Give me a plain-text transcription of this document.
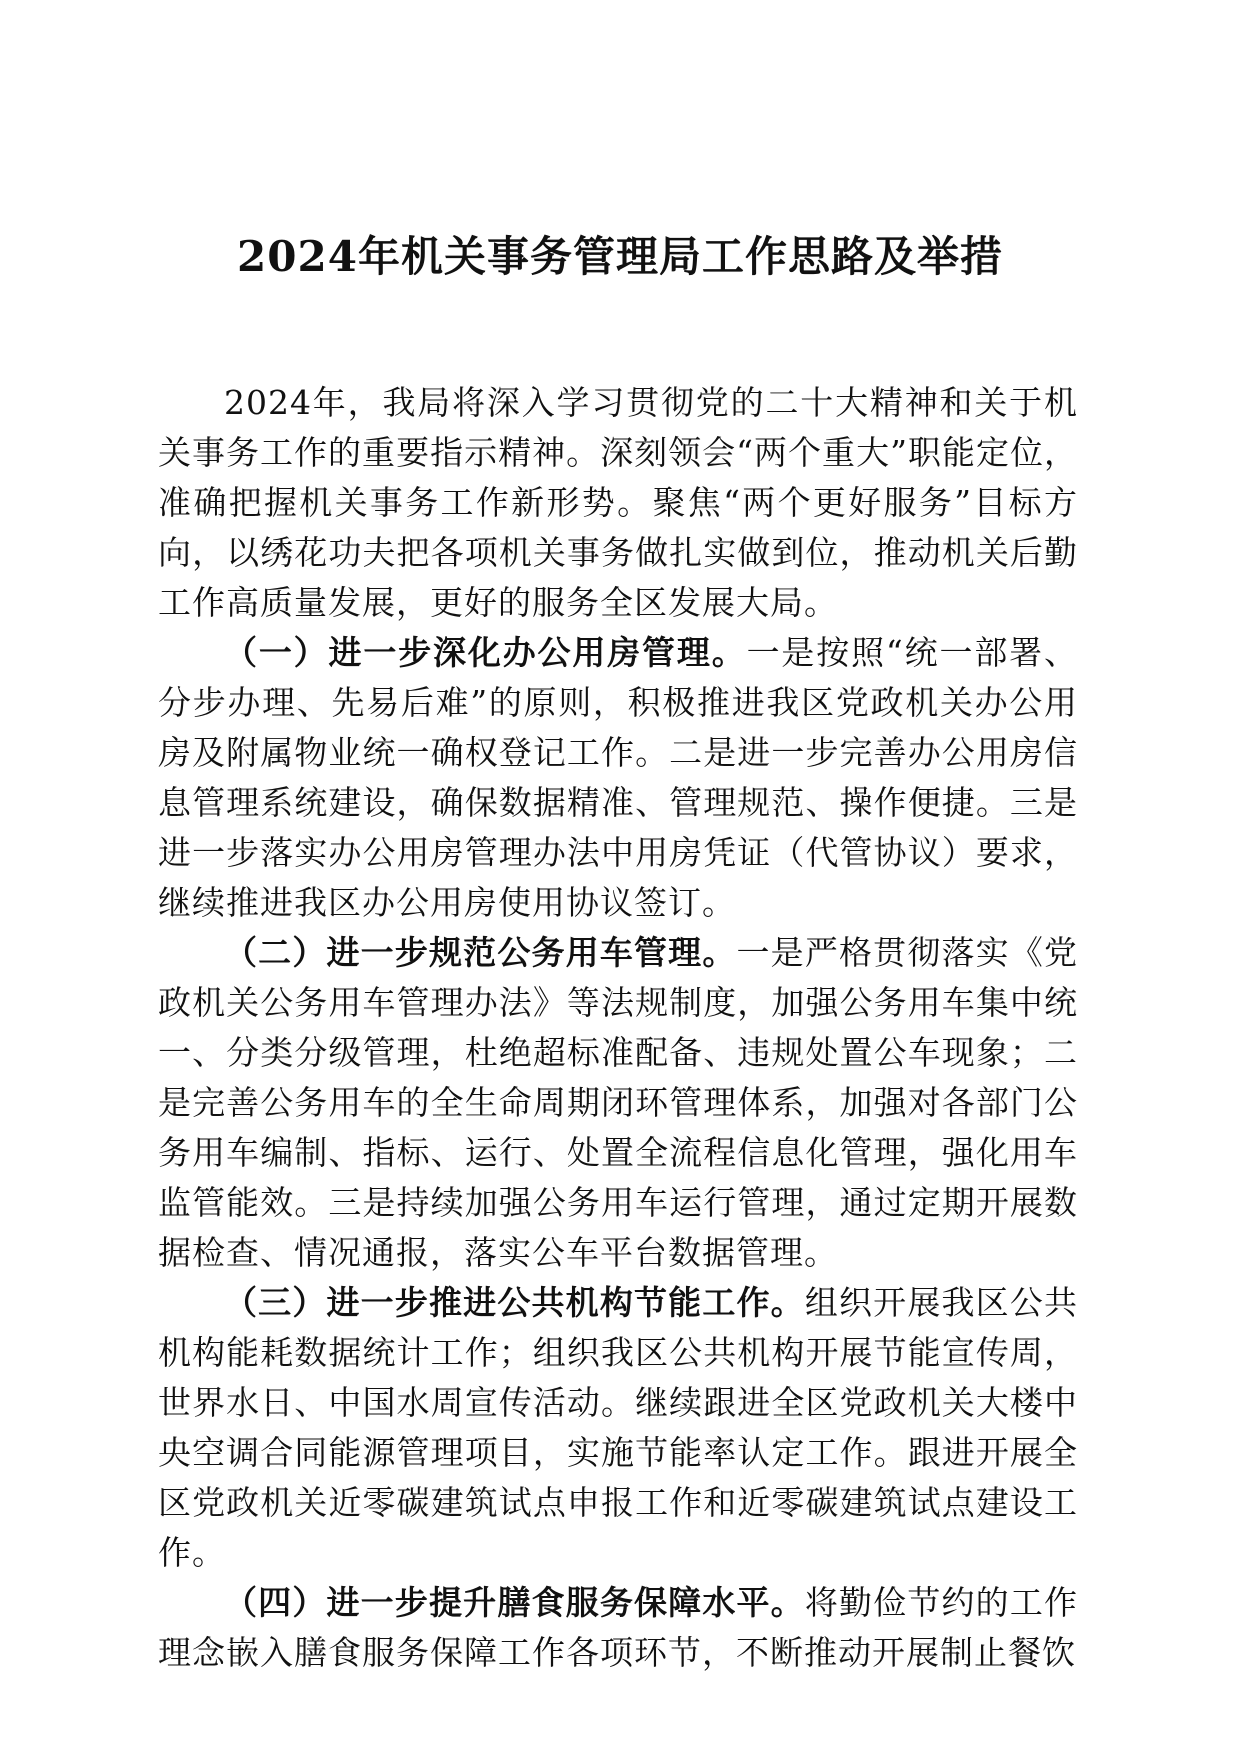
2024年机关事务管理局工作思路及举措

2024年，我局将深入学习贯彻党的二十大精神和关于机关事务工作的重要指示精神。深刻领会“两个重大”职能定位，准确把握机关事务工作新形势。聚焦“两个更好服务”目标方向，以绣花功夫把各项机关事务做扎实做到位，推动机关后勤工作高质量发展，更好的服务全区发展大局。

（一）进一步深化办公用房管理。一是按照“统一部署、分步办理、先易后难”的原则，积极推进我区党政机关办公用房及附属物业统一确权登记工作。二是进一步完善办公用房信息管理系统建设，确保数据精准、管理规范、操作便捷。三是进一步落实办公用房管理办法中用房凭证（代管协议）要求，继续推进我区办公用房使用协议签订。

（二）进一步规范公务用车管理。一是严格贯彻落实《党政机关公务用车管理办法》等法规制度，加强公务用车集中统一、分类分级管理，杜绝超标准配备、违规处置公车现象；二是完善公务用车的全生命周期闭环管理体系，加强对各部门公务用车编制、指标、运行、处置全流程信息化管理，强化用车监管能效。三是持续加强公务用车运行管理，通过定期开展数据检查、情况通报，落实公车平台数据管理。

（三）进一步推进公共机构节能工作。组织开展我区公共机构能耗数据统计工作；组织我区公共机构开展节能宣传周，世界水日、中国水周宣传活动。继续跟进全区党政机关大楼中央空调合同能源管理项目，实施节能率认定工作。跟进开展全区党政机关近零碳建筑试点申报工作和近零碳建筑试点建设工作。

（四）进一步提升膳食服务保障水平。将勤俭节约的工作理念嵌入膳食服务保障工作各项环节，不断推动开展制止餐饮
